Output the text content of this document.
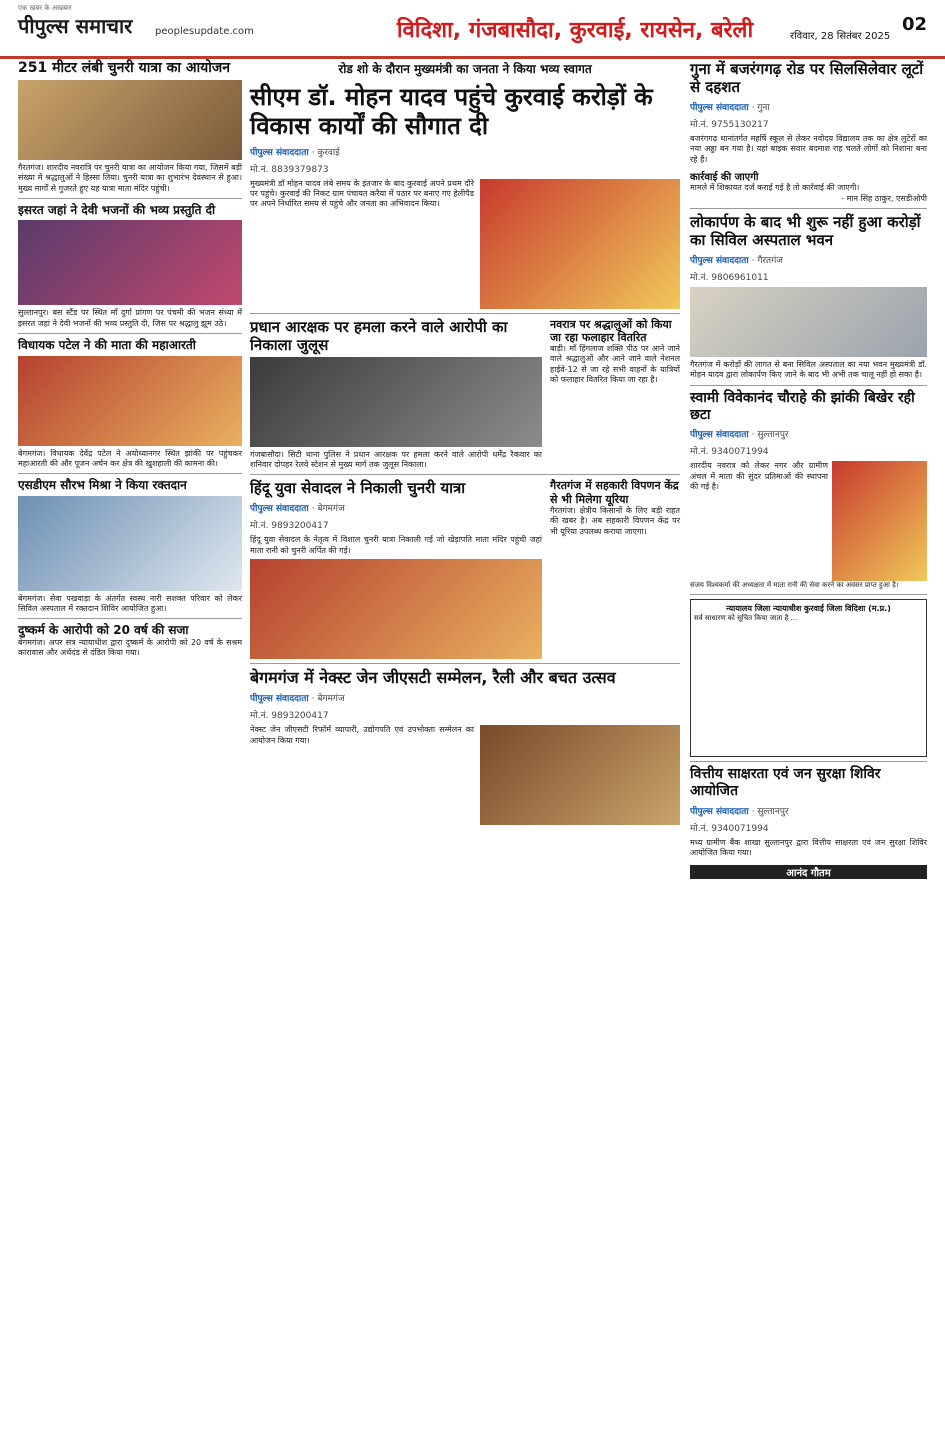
एक खबर के अखबार
पीपुल्स समाचार peoplesupdate.com	विदिशा, गंजबासौदा, कुरवाई, रायसेन, बरेली	रविवार, 28 सितंबर 2025
02
251 मीटर लंबी चुनरी यात्रा का आयोजन
गैरतगंज। शारदीय नवरात्रि पर चुनरी यात्रा का आयोजन किया गया, जिसमें बड़ी संख्या में श्रद्धालुओं ने हिस्सा लिया। चुनरी यात्रा का शुभारंभ देवस्थान से हुआ। मुख्य मार्गों से गुजरते हुए यह यात्रा माता मंदिर पहुंची।
इसरत जहां ने देवी भजनों की भव्य प्रस्तुति दी
सुल्तानपुर। बस स्टैंड पर स्थित माँ दुर्गा प्रांगण पर पंचमी की भजन संध्या में इसरत जहां ने देवी भजनों की भव्य प्रस्तुति दी, जिस पर श्रद्धालु झूम उठे।
विधायक पटेल ने की माता की महाआरती
बेगमगंज। विधायक देवेंद्र पटेल ने अयोध्यानगर स्थित झांकी पर पहुंचकर महाआरती की और पूजन अर्चन कर क्षेत्र की खुशहाली की कामना की।
एसडीएम सौरभ मिश्रा ने किया रक्तदान
बेगमगंज। सेवा पखवाड़ा के अंतर्गत स्वस्थ नारी सशक्त परिवार को लेकर सिविल अस्पताल में रक्तदान शिविर आयोजित हुआ।
दुष्कर्म के आरोपी को 20 वर्ष की सजा
बेगमगंज। अपर सत्र न्यायाधीश द्वारा दुष्कर्म के आरोपी को 20 वर्ष के सश्रम कारावास और अर्थदंड से दंडित किया गया।
रोड शो के दौरान मुख्यमंत्री का जनता ने किया भव्य स्वागत
सीएम डॉ. मोहन यादव पहुंचे कुरवाई करोड़ों के विकास कार्यों की सौगात दी
पीपुल्स संवाददाता · कुरवाई
मो.नं. 8839379873
मुख्यमंत्री डॉ मोहन यादव लंबे समय के इंतजार के बाद कुरवाई अपने प्रथम दौरे पर पहुंचे। कुरवाई की निकट ग्राम पंचायत करैया में पठार पर बनाए गए हेलीपैड पर अपने निर्धारित समय से पहुंचे और जनता का अभिवादन किया।
प्रधान आरक्षक पर हमला करने वाले आरोपी का निकाला जुलूस
गंजबासौदा। सिटी थाना पुलिस ने प्रधान आरक्षक पर हमला करने वाले आरोपी धर्मेंद्र रैकवार का शनिवार दोपहर रेलवे स्टेशन से मुख्य मार्ग तक जुलूस निकाला।
नवरात्र पर श्रद्धालुओं को किया जा रहा फलाहार वितरित
बाड़ी। माँ हिंगलाज शक्ति पीठ पर आने जाने वाले श्रद्धालुओं और आने जाने वाले नेशनल हाईवे-12 से जा रहे सभी वाहनों के यात्रियों को फलाहार वितरित किया जा रहा है।
हिंदू युवा सेवादल ने निकाली चुनरी यात्रा
पीपुल्स संवाददाता · बेगमगंज
मो.नं. 9893200417
हिंदू युवा सेवादल के नेतृत्व में विशाल चुनरी यात्रा निकाली गई जो खेड़ापति माता मंदिर पहुंची जहां माता रानी को चुनरी अर्पित की गई।
गैरतगंज में सहकारी विपणन केंद्र से भी मिलेगा यूरिया
गैरतगंज। क्षेत्रीय किसानों के लिए बड़ी राहत की खबर है। अब सहकारी विपणन केंद्र पर भी यूरिया उपलब्ध कराया जाएगा।
बेगमगंज में नेक्स्ट जेन जीएसटी सम्मेलन, रैली और बचत उत्सव
पीपुल्स संवाददाता · बेगमगंज
मो.नं. 9893200417
नेक्स्ट जेन जीएसटी रिफॉर्म व्यापारी, उद्योगपति एवं उपभोक्ता सम्मेलन का आयोजन किया गया।
गुना में बजरंगगढ़ रोड पर सिलसिलेवार लूटों से दहशत
पीपुल्स संवाददाता · गुना
मो.नं. 9755130217
बजरंगगढ़ थानांतर्गत महर्षि स्कूल से लेकर नवोदय विद्यालय तक का क्षेत्र लुटेरों का नया अड्डा बन गया है। यहां बाइक सवार बदमाश राह चलते लोगों को निशाना बना रहे हैं।
कार्रवाई की जाएगी
मामले में शिकायत दर्ज कराई गई है तो कार्रवाई की जाएगी।
- मान सिंह ठाकुर, एसडीओपी
लोकार्पण के बाद भी शुरू नहीं हुआ करोड़ों का सिविल अस्पताल भवन
पीपुल्स संवाददाता · गैरतगंज
मो.नं. 9806961011
गैरतगंज में करोड़ों की लागत से बना सिविल अस्पताल का नया भवन मुख्यमंत्री डॉ. मोहन यादव द्वारा लोकार्पण किए जाने के बाद भी अभी तक चालू नहीं हो सका है।
स्वामी विवेकानंद चौराहे की झांकी बिखेर रही छटा
पीपुल्स संवाददाता · सुल्तानपुर
मो.नं. 9340071994
शारदीय नवरात्र को लेकर नगर और ग्रामीण अंचल में माता की सुंदर प्रतिमाओं की स्थापना की गई है।
संजय विश्वकर्मा की अध्यक्षता में माता रानी की सेवा करने का अवसर प्राप्त हुआ है।
न्यायालय जिला न्यायाधीश कुरवाई जिला विदिशा (म.प्र.)
सर्व साधारण को सूचित किया जाता है ...
वित्तीय साक्षरता एवं जन सुरक्षा शिविर आयोजित
पीपुल्स संवाददाता · सुल्तानपुर
मो.नं. 9340071994
मध्य ग्रामीण बैंक शाखा सुल्तानपुर द्वारा वित्तीय साक्षरता एवं जन सुरक्षा शिविर आयोजित किया गया।
आनंद गौतम
